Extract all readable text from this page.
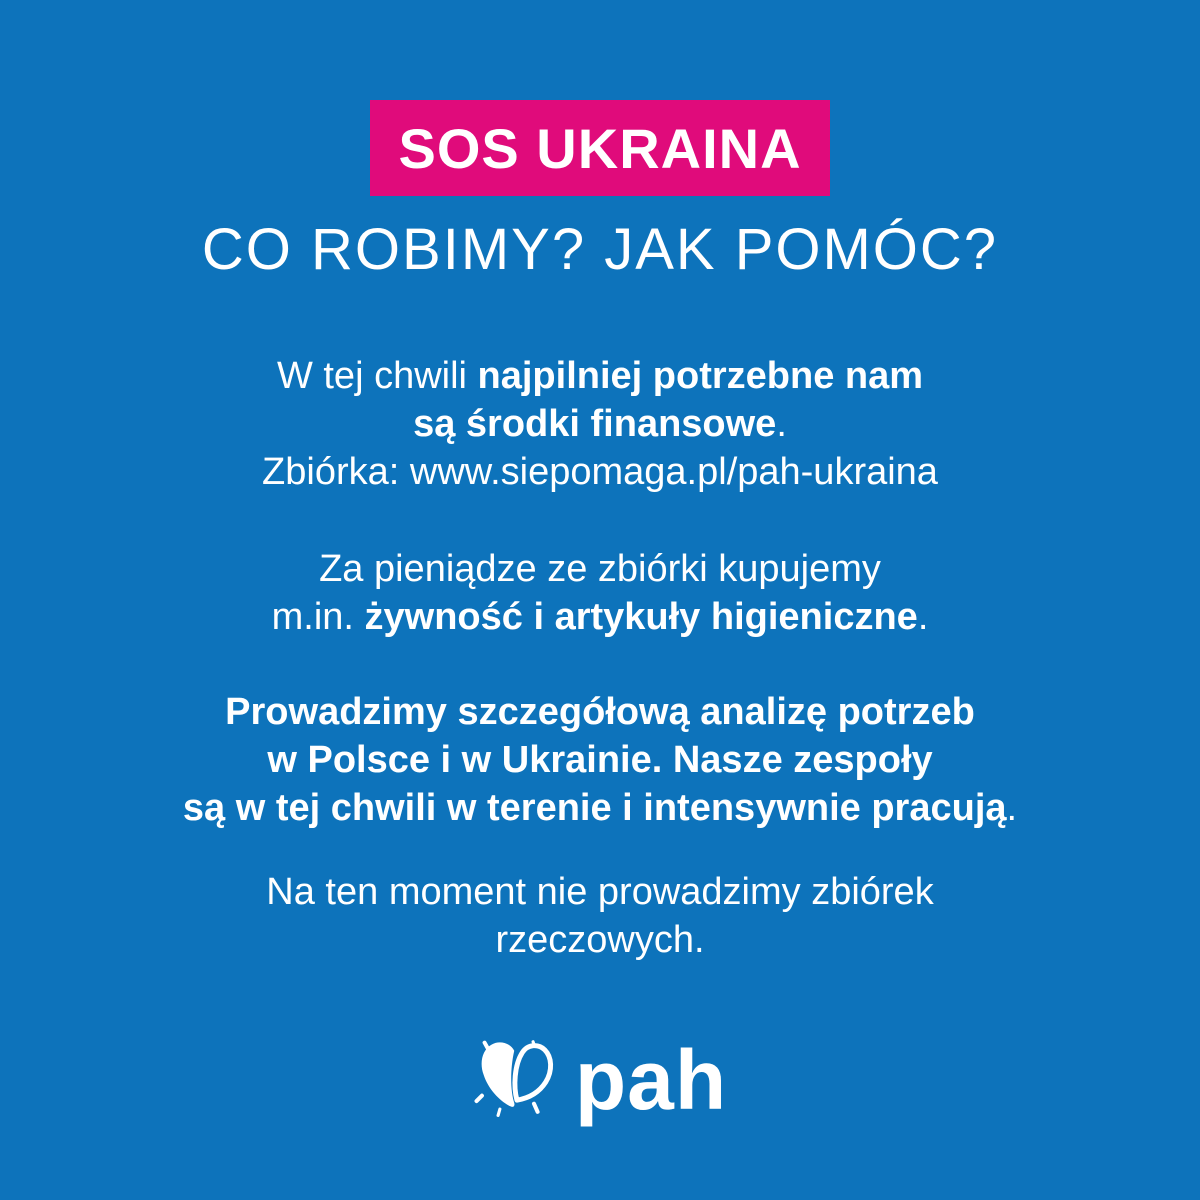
SOS UKRAINA
CO ROBIMY? JAK POMÓC?
W tej chwili najpilniej potrzebne nam
są środki finansowe.
Zbiórka: www.siepomaga.pl/pah-ukraina
Za pieniądze ze zbiórki kupujemy
m.in. żywność i artykuły higieniczne.
Prowadzimy szczegółową analizę potrzeb
w Polsce i w Ukrainie. Nasze zespoły
są w tej chwili w terenie i intensywnie pracują.
Na ten moment nie prowadzimy zbiórek
rzeczowych.
pah
